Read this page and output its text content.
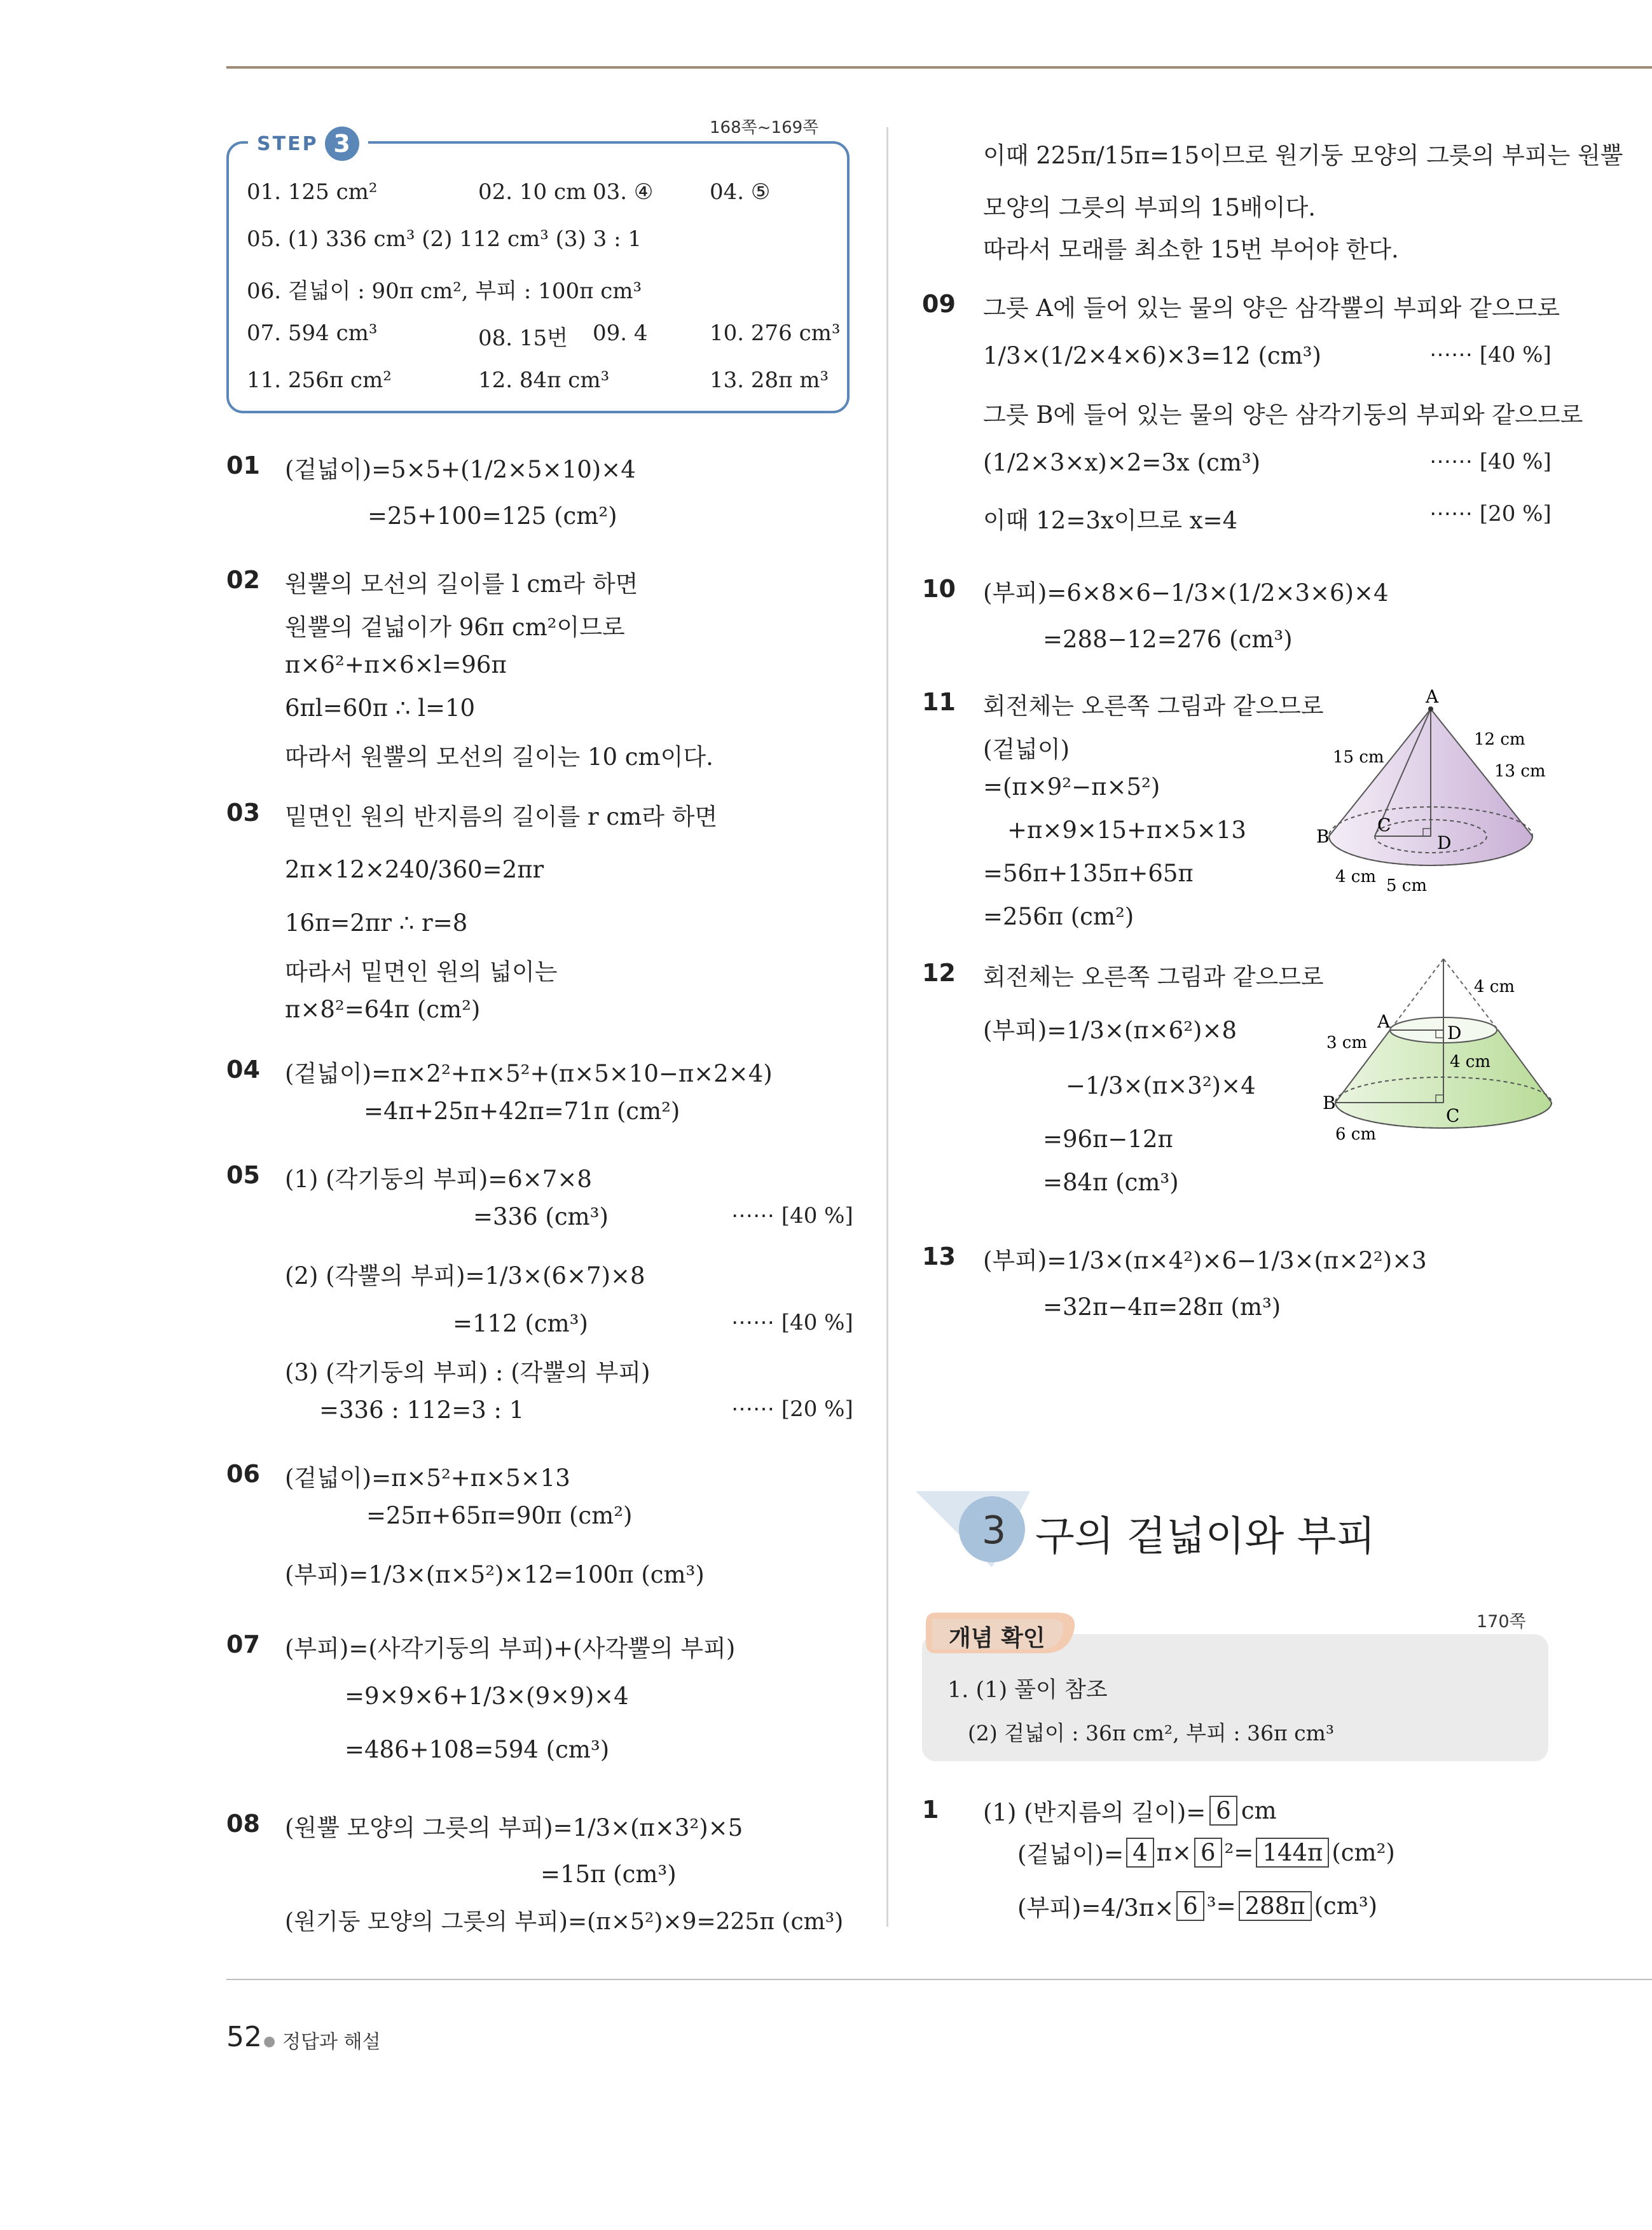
STEP 3
168쪽~169쪽
01. 125 cm²	02. 10 cm 03. ④	04. ⑤
05. (1) 336 cm³ (2) 112 cm³ (3) 3 : 1
06. 겉넓이 : 90π cm², 부피 : 100π cm³
07. 594 cm³	08. 15번 09. 4	10. 276 cm³
11. 256π cm²	12. 84π cm³	13. 28π m³
01 (겉넓이)=5×5+(1/2×5×10)×4
=25+100=125 (cm²)
02 원뿔의 모선의 길이를 l cm라 하면
원뿔의 겉넓이가 96π cm²이므로
π×6²+π×6×l=96π
6πl=60π ∴ l=10
따라서 원뿔의 모선의 길이는 10 cm이다.
03 밑면인 원의 반지름의 길이를 r cm라 하면
2π×12×240/360=2πr
16π=2πr ∴ r=8
따라서 밑면인 원의 넓이는
π×8²=64π (cm²)
04 (겉넓이)=π×2²+π×5²+(π×5×10−π×2×4)
=4π+25π+42π=71π (cm²)
05 (1) (각기둥의 부피)=6×7×8
=336 (cm³)	⋯⋯ [40 %]
(2) (각뿔의 부피)=1/3×(6×7)×8
=112 (cm³)	⋯⋯ [40 %]
(3) (각기둥의 부피) : (각뿔의 부피)
=336 : 112=3 : 1	⋯⋯ [20 %]
06 (겉넓이)=π×5²+π×5×13
=25π+65π=90π (cm²)
(부피)=1/3×(π×5²)×12=100π (cm³)
07 (부피)=(사각기둥의 부피)+(사각뿔의 부피)
=9×9×6+1/3×(9×9)×4
=486+108=594 (cm³)
08 (원뿔 모양의 그릇의 부피)=1/3×(π×3²)×5
=15π (cm³)
(원기둥 모양의 그릇의 부피)=(π×5²)×9=225π (cm³)
이때 225π/15π=15이므로 원기둥 모양의 그릇의 부피는 원뿔
모양의 그릇의 부피의 15배이다.
따라서 모래를 최소한 15번 부어야 한다.
09 그릇 A에 들어 있는 물의 양은 삼각뿔의 부피와 같으므로
1/3×(1/2×4×6)×3=12 (cm³)	⋯⋯ [40 %]
그릇 B에 들어 있는 물의 양은 삼각기둥의 부피와 같으므로
(1/2×3×x)×2=3x (cm³)	⋯⋯ [40 %]
이때 12=3x이므로 x=4	⋯⋯ [20 %]
10 (부피)=6×8×6−1/3×(1/2×3×6)×4
=288−12=276 (cm³)
11 회전체는 오른쪽 그림과 같으므로
(겉넓이)
=(π×9²−π×5²)
+π×9×15+π×5×13
=56π+135π+65π
=256π (cm²)
A
B
C
D
15 cm
12 cm
13 cm
4 cm 5 cm
12 회전체는 오른쪽 그림과 같으므로
(부피)=1/3×(π×6²)×8
−1/3×(π×3²)×4
=96π−12π
=84π (cm³)
A
B
C
D
4 cm
3 cm
4 cm
6 cm
13 (부피)=1/3×(π×4²)×6−1/3×(π×2²)×3
=32π−4π=28π (m³)
3 구의 겉넓이와 부피
개념 확인
170쪽
1. (1) 풀이 참조
(2) 겉넓이 : 36π cm², 부피 : 36π cm³
1 (1) (반지름의 길이)= 6 cm
(겉넓이)= 4 π× 6 ²= 144π (cm²)
(부피)=4/3π× 6 ³= 288π (cm³)
52 ● 정답과 해설
